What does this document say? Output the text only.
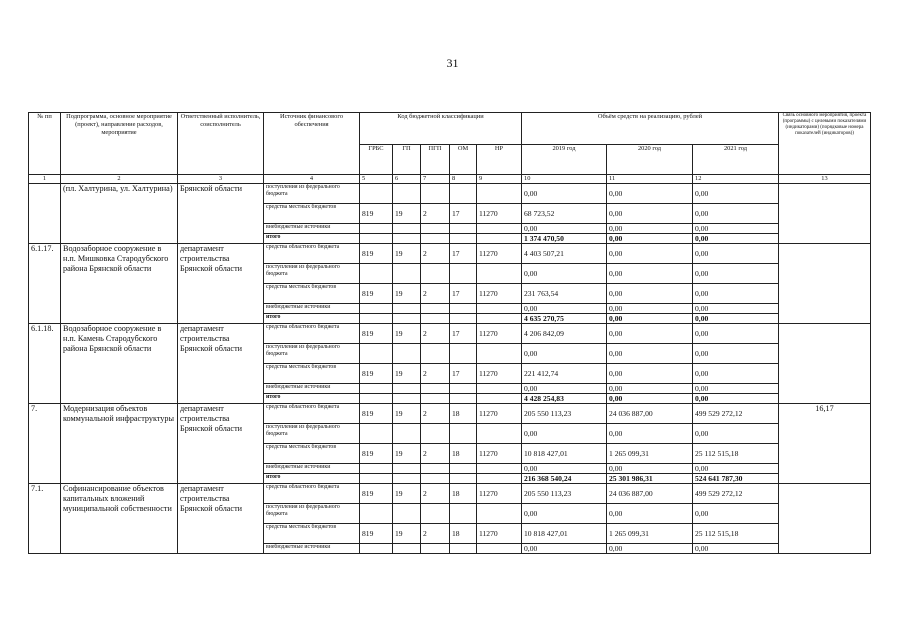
31
№ пп	Подпрограмма, основное мероприятие (проект), направление расходов, мероприятие	Ответственный исполнитель, соисполнитель	Источник финансового обеспечения	Код бюджетной классификации					Объём средств на реализацию, рублей			Связь основного мероприятия, проекта (программы) с целевыми показателями (индикаторами) (порядковые номера показателей (индикаторов))
				ГРБС	ГП	ПГП	ОМ	НР	2019 год	2020 год	2021 год	
1	2	3	4	5	6	7	8	9	10	11	12	13
	(пл. Халтурина, ул. Халтурина)	Брянской области	поступления из федерального бюджета						0,00	0,00	0,00	
			средства местных бюджетов	819	19	2	17	11270	68 723,52	0,00	0,00	
			внебюджетные источники						0,00	0,00	0,00	
			итого						1 374 470,50	0,00	0,00	
6.1.17.	Водозаборное сооружение в н.п. Мишковка Стародубского района Брянской области	департамент строительства Брянской области	средства областного бюджета	819	19	2	17	11270	4 403 507,21	0,00	0,00	
			поступления из федерального бюджета						0,00	0,00	0,00	
			средства местных бюджетов	819	19	2	17	11270	231 763,54	0,00	0,00	
			внебюджетные источники						0,00	0,00	0,00	
			итого						4 635 270,75	0,00	0,00	
6.1.18.	Водозаборное сооружение в н.п. Камень Стародубского района Брянской области	департамент строительства Брянской области	средства областного бюджета	819	19	2	17	11270	4 206 842,09	0,00	0,00	
			поступления из федерального бюджета						0,00	0,00	0,00	
			средства местных бюджетов	819	19	2	17	11270	221 412,74	0,00	0,00	
			внебюджетные источники						0,00	0,00	0,00	
			итого						4 428 254,83	0,00	0,00	
7.	Модернизация объектов коммунальной инфраструктуры	департамент строительства Брянской области	средства областного бюджета	819	19	2	18	11270	205 550 113,23	24 036 887,00	499 529 272,12	16,17
			поступления из федерального бюджета						0,00	0,00	0,00	
			средства местных бюджетов	819	19	2	18	11270	10 818 427,01	1 265 099,31	25 112 515,18	
			внебюджетные источники						0,00	0,00	0,00	
			итого						216 368 540,24	25 301 986,31	524 641 787,30	
7.1.	Софинансирование объектов капитальных вложений муниципальной собственности	департамент строительства Брянской области	средства областного бюджета	819	19	2	18	11270	205 550 113,23	24 036 887,00	499 529 272,12	
			поступления из федерального бюджета						0,00	0,00	0,00	
			средства местных бюджетов	819	19	2	18	11270	10 818 427,01	1 265 099,31	25 112 515,18	
			внебюджетные источники						0,00	0,00	0,00	
